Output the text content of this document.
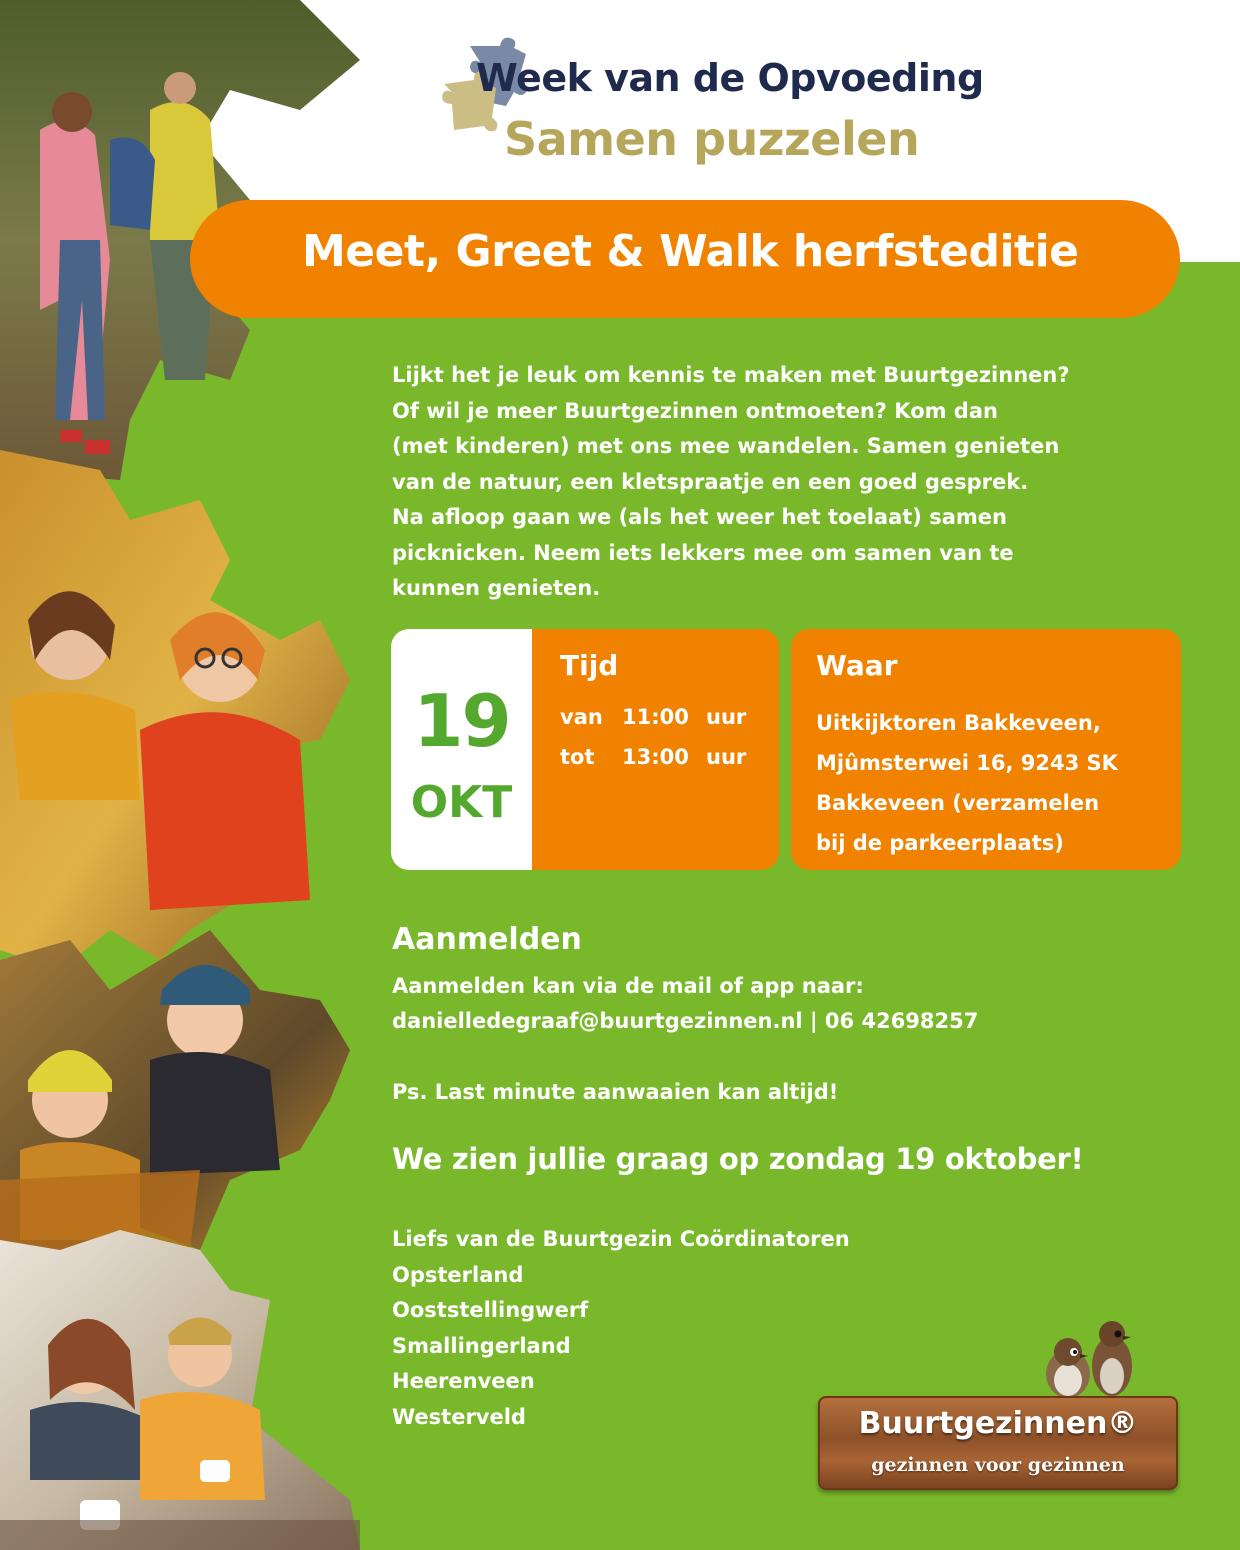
Week van de Opvoeding
Samen puzzelen
Meet, Greet & Walk herfsteditie
Lijkt het je leuk om kennis te maken met Buurtgezinnen?
Of wil je meer Buurtgezinnen ontmoeten? Kom dan
(met kinderen) met ons mee wandelen. Samen genieten
van de natuur, een kletspraatje en een goed gesprek.
Na afloop gaan we (als het weer het toelaat) samen
picknicken. Neem iets lekkers mee om samen van te
kunnen genieten.
19
OKT
Tijd
van 11:00 uur
tot 13:00 uur
Waar
Uitkijktoren Bakkeveen,
Mjûmsterwei 16, 9243 SK
Bakkeveen (verzamelen
bij de parkeerplaats)
Aanmelden
Aanmelden kan via de mail of app naar:
danielledegraaf@buurtgezinnen.nl | 06 42698257
Ps. Last minute aanwaaien kan altijd!
We zien jullie graag op zondag 19 oktober!
Liefs van de Buurtgezin Coördinatoren
Opsterland
Ooststellingwerf
Smallingerland
Heerenveen
Westerveld	Buurtgezinnen®
gezinnen voor gezinnen
